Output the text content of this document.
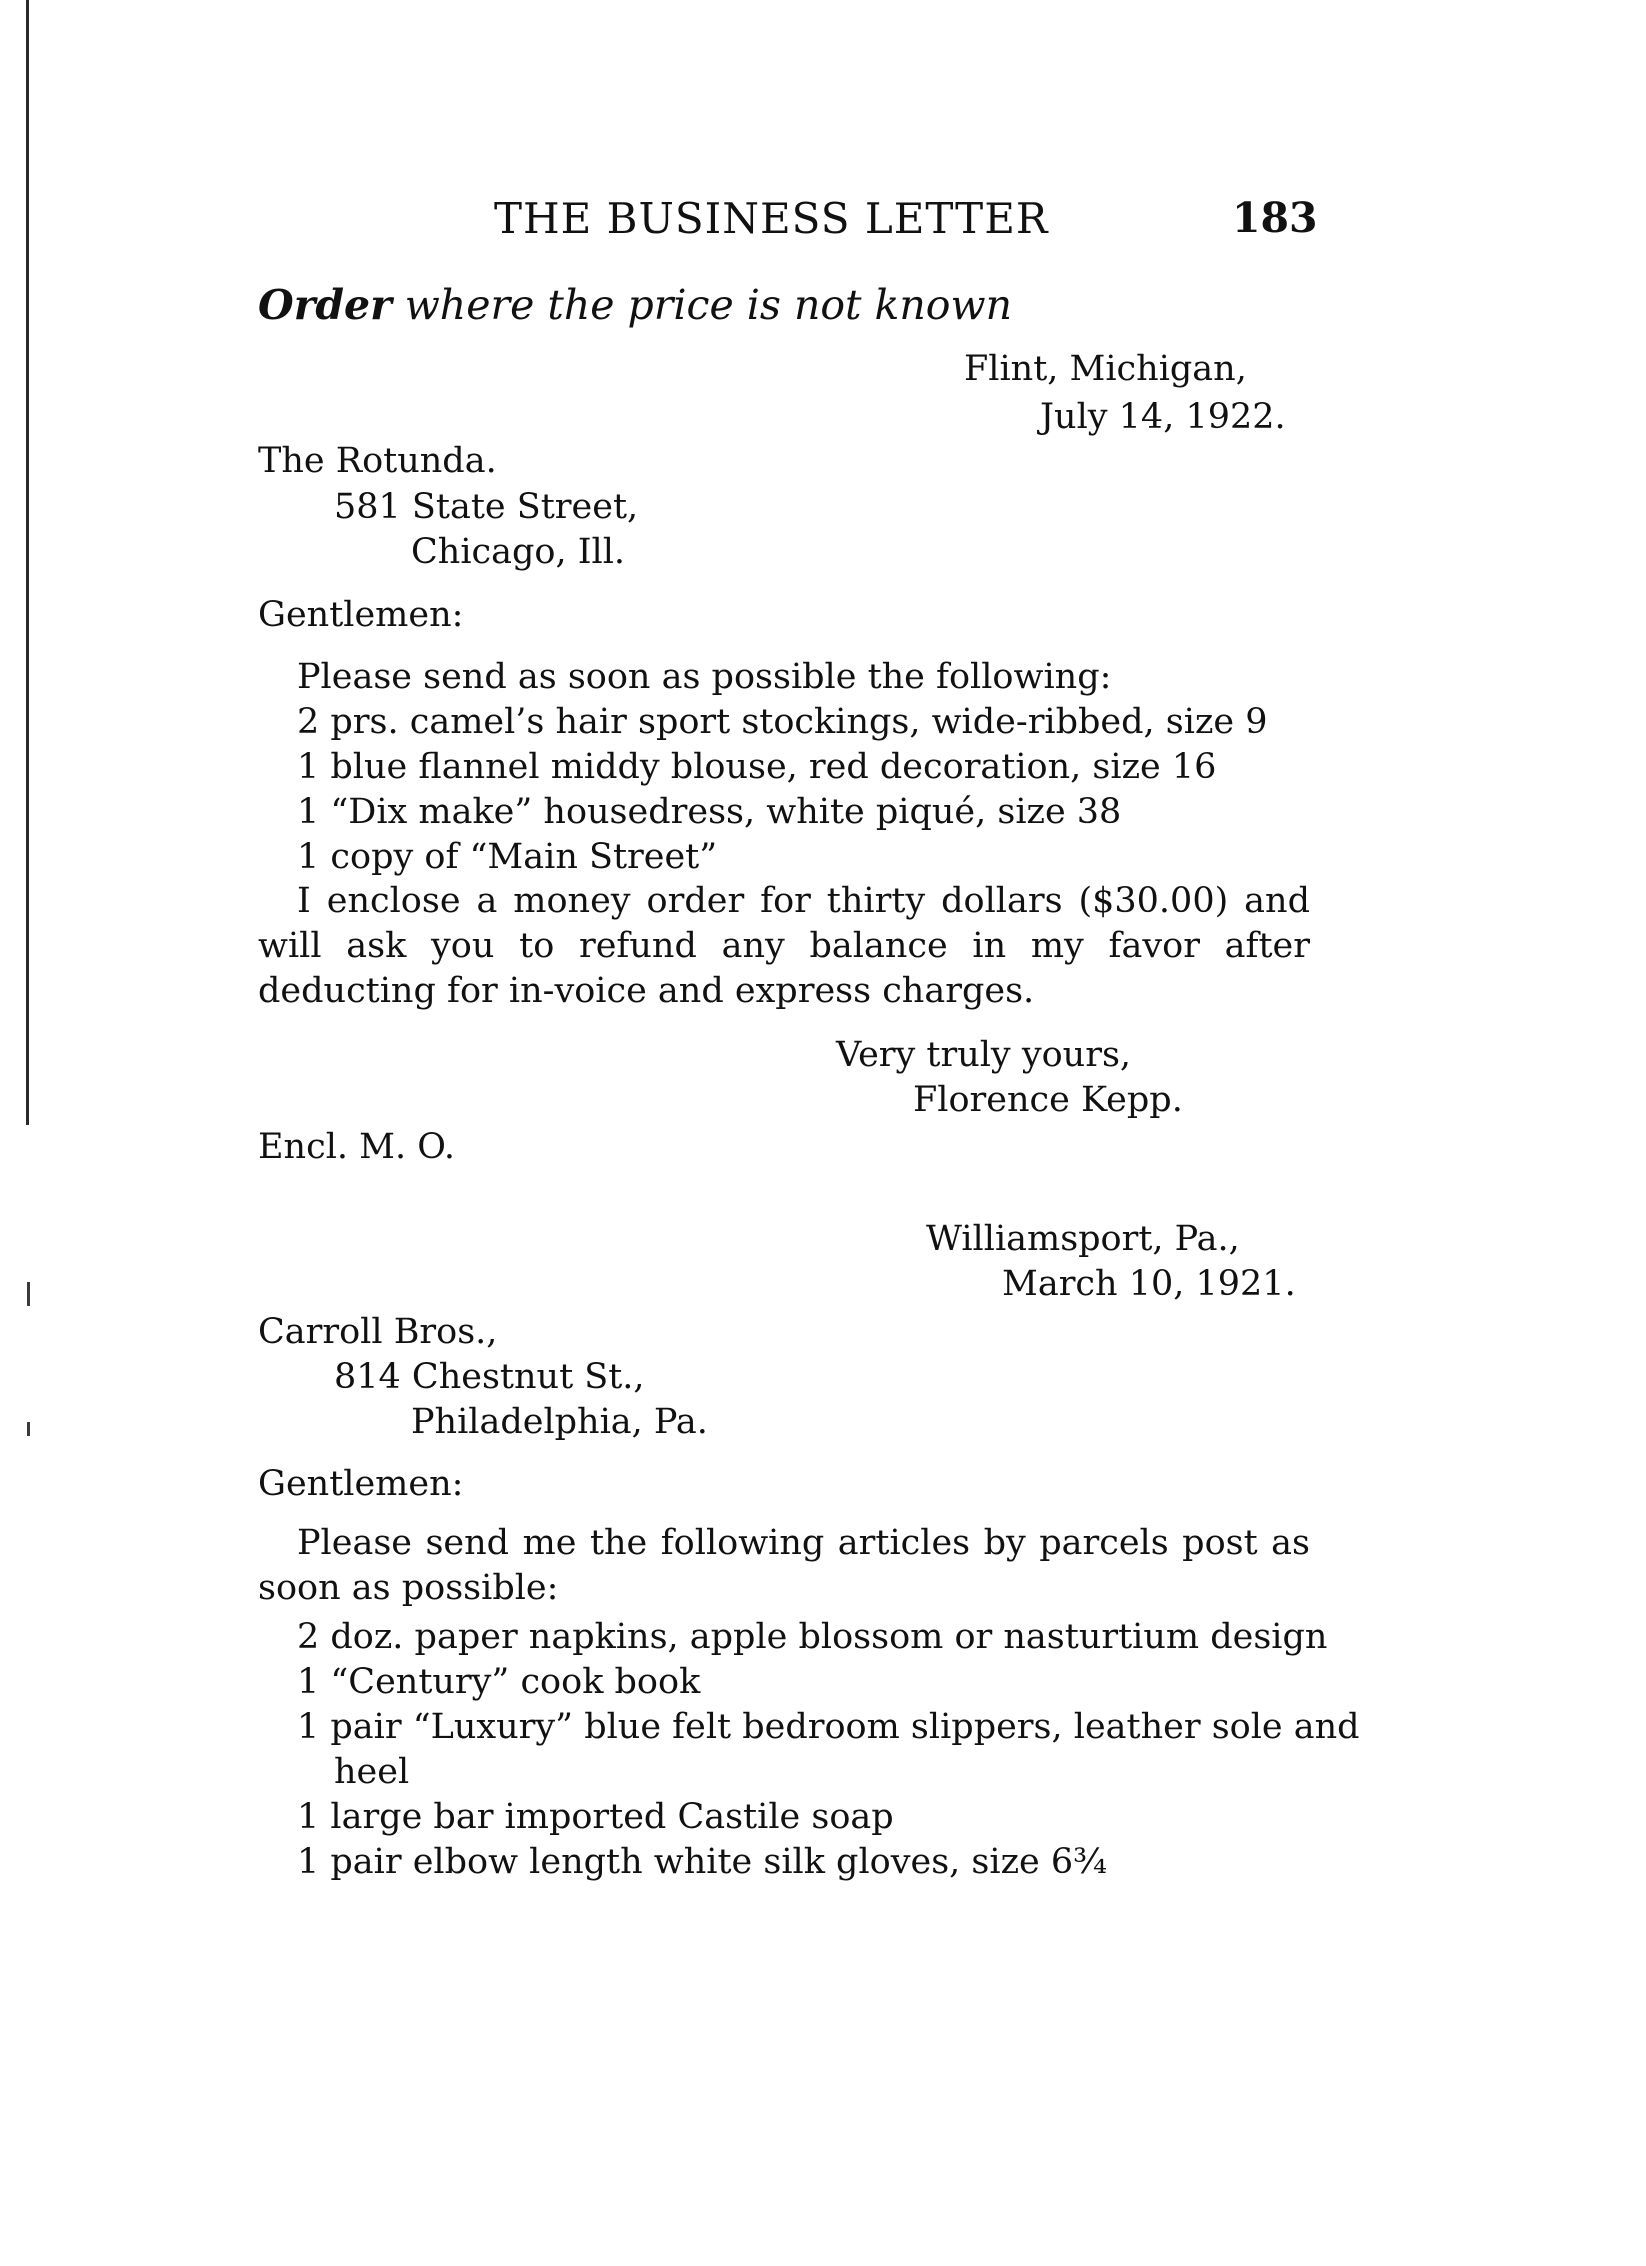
THE BUSINESS LETTER	183
Order where the price is not known
Flint, Michigan,
July 14, 1922.
The Rotunda.
581 State Street,
Chicago, Ill.
Gentlemen:
Please send as soon as possible the following:
2 prs. camel’s hair sport stockings, wide-ribbed, size 9
1 blue flannel middy blouse, red decoration, size 16
1 “Dix make” housedress, white piqué, size 38
1 copy of “Main Street”
I enclose a money order for thirty dollars ($30.00) and will ask you to refund any balance in my favor after deducting for in-voice and express charges.
Very truly yours,
Florence Kepp.
Encl. M. O.
Williamsport, Pa.,
March 10, 1921.
Carroll Bros.,
814 Chestnut St.,
Philadelphia, Pa.
Gentlemen:
Please send me the following articles by parcels post as soon as possible:
2 doz. paper napkins, apple blossom or nasturtium design
1 “Century” cook book
1 pair “Luxury” blue felt bedroom slippers, leather sole and
heel
1 large bar imported Castile soap
1 pair elbow length white silk gloves, size 6¾
